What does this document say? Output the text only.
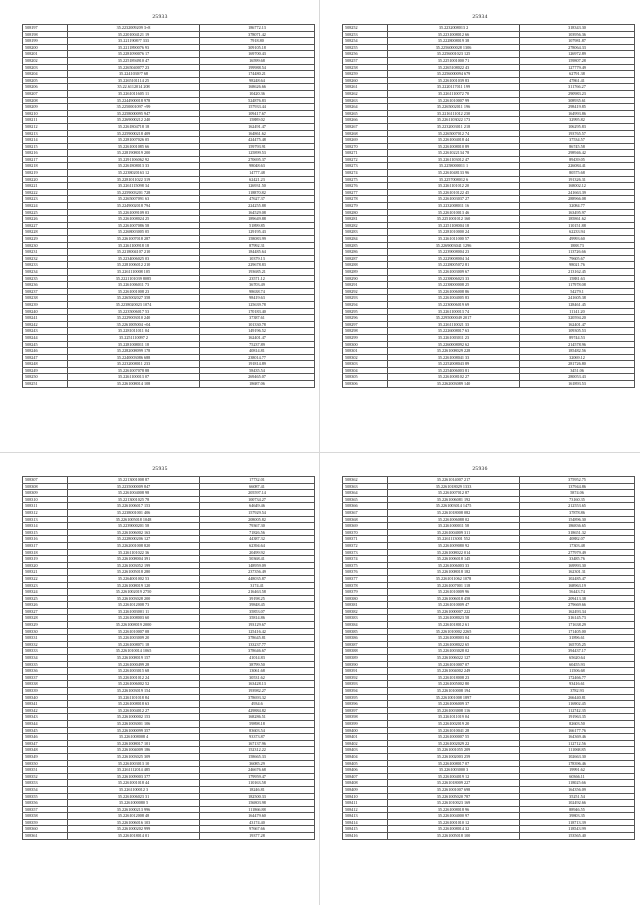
25933
508197	35.2232009209 3+8	186772.13
508198	35.2201004121 19	378071.42
508199	35.2211908?7 333	7918.80
508200	35.2211890076 93	309105.18
508201	35.2281090076 17	169700.43
508202	35.2251894910 47	16599.68
508203	35.2265040077 23	199988.54
508204	35.2241030?7 68	174480.21
508205	35.2265101114 25	98248.64
508206	35.22.6112014 208	168626.66
508207	35.2261011605 11	10420.36
508208	35.2244900018 978	524876.83
508209	35.2250001097 +99	157933.44
508210	35.2258000095 947	109417.67
508211	35.2269000212 240	15889.02
508212	35.2261804718 18	162491.47
508213	35.2259000218 409	164861.62
508214	35.2281007026 05	424475.48
508215	35.2261001085 66	159793.91
508216	35.2281908019 200	125899.53
508217	35.2291106062 92	270695.37
508218	35.2261808013 33	98048.63
508219	35.2238020163 12	14777.48
508220	35.2281011022 319	62421.23
508221	35.2261115098 34	126931.50
508222	35.2259003201 728	118870.82
508223	35.2265007091 63	47627.37
508224	35.2249002018 794	224255.88
508225	35.2261009109 03	164529.08
508226	35.2261008024 25	189649.88
508227	35.2261007086 58	51899.85
508228	35.2268003005 05	129195.43
508229	35.2261007018 287	158083.99
508230	35.2261100918 18	87992.31
508231	35.2218004107 210	184485.64
508232	35.2234006025 03	10379.13
508233	35.2281006012 210	229678.83
508234	35.2261110008 105	193685.21
508235	35.2221101039 8085	23571.12
508236	35.2261006011 73	36703.49
508237	35.2261001008 23	98638.74
508238	35.2265002027 358	98419.63
508239	35.2238020023 1074	125639.78
508240	35.2235006017 53	170183.40
508241	35.2229003010 240	37387.61
508242	35.2261005004 +04	101330.78
508243	35.2281011011 04	149196.52
508244	35.2251110097 2	162401.47
508245	35.2281008011 18	75237.89
508246	35.2282008099 178	40814.81
508247	35.2240003086 688	238014.77
508248	35.2232008011 233	191814.89
508249	35.2261007078 88	58435.54
508250	35.2261100013 07	269465.07
508251	35.2261008014 108	18687.06
25934
508252	35.2232008013 2	318343.30
508253	35.2231008012 66	103956.36
508254	35.2228008019 38	107981.87
508255	35.2256000028 1306	278064.33
508256	35.2256001023 125	126972.89
508257	35.2251001000 71	159807.28
508258	35.2265108022 43	127779.49
508259	35.2256000094 679	62791.38
508260	35.2261001039 83	47861.41
508261	35.2220117011 199	311766.27
508262	35.2261110072 70	290983.23
508263	35.2261010007 99	308935.61
508264	35.2265002011 196	298419.85
508265	35.2216111012 230	164993.86
508266	35.2261103022 173	32995.82
508267	35.2232003011 218	106295.83
508268	35.2265007012 74	193765.57
508269	35.2261004018 44	37534.57
508270	35.2261008010 89	86745.58
508271	35.2261022134 78	298946.42
508272	35.2261103012 47	89439.05
508273	35.2258000011 1	226084.41
508274	35.2261048133 96	80575.68
508275	35.2257008012 6	191326.31
508276	35.2261101012 20	168002.12
508277	35.2261010122 45	241663.39
508278	35.2261003037 27	288966.08
508279	35.2232008011 16	32084.77
508280	35.2261010013 46	163495.97
508281	35.2251001012 160	185861.62
508282	35.2251108004 18	110151.88
508283	35.2281010000 24	62233.94
508284	35.2261011000 57	49993.60
508285	35.2269003041 1296	1888.73
508286	35.2239008004 23	113726.66
508287	35.2229008004 34	79605.67
508288	35.2228005072 81	98021.76
508289	35.2261003009 67	213162.45
508290	35.2238006023 33	15881.63
508291	35.2238000008 25	117978.08
508292	35.2261006008 86	54279.1
508293	35.2261004005 83	241605.38
508294	35.2230006019 69	128461.45
508295	35.2261100013 74	11141.20
508296	35.2295000049 2017	320594.20
508297	35.2261110021 33	162401.47
508298	35.2226008017 63	109305.53
508299	35.2261003011 23	89744.53
508300	35.2260008092 62	214578.96
508301	35.2261008029 228	185482.56
508302	35.2261008041 33	32069.12
508303	35.2252008043 89	281726.80
508304	35.2254006003 81	3451.06
508305	35.2261008102 27	280053.43
508306	35.2262003089 140	161893.53
25935
508307	35.2213001008 87	17732.01
508308	35.2235000009 847	66087.41
508309	35.2261004008 98	205597.14
508310	35.2213001025 78	100734.27
508311	35.2261006017 153	64649.46
508312	35.2238001001 406	157929.54
508313	35.2261005018 1048	208005.82
508314	35.2239000201 58	79367.30
508315	35.2261006002 163	71826.56
508316	35.2228000206 127	44387.32
508317	35.2262001008 820	62394.64
508318	35.2261101022 36	20499.92
508319	35.2261008004 391	50368.41
508320	35.2261003052 199	148959.09
508321	35.2261005018 280	237356.49
508322	35.2264001002 53	448035.87
508323	35.2261008019 120	3174.41
508324	35.2261002019 2750	216463.58
508325	35.2261003028 200	39198.25
508326	35.2261012008 73	39848.45
508327	35.2261003001 11	35853.07
508328	35.2261008003 60	35814.86
508329	35.2261008019 2000	193129.67
508330	35.2261010007 08	125416.42
508331	35.2261003009 20	378645.81
508332	35.2261008071 18	133237.77
508333	35.2261010014 1065	378646.67
508334	35.2261008019 157	41014.83
508335	35.2261000499 28	38799.50
508336	35.2261003015 68	13061.68
508337	35.2261001012 24	30531.62
508338	35.2261006002 52	163428.13
508339	35.2261003019 154	193982.27
508340	35.2261101018 84	378693.32
508341	35.2261008018 63	4934.6
508342	35.2261004012 27	429884.82
508343	35.2261000002 153	168286.51
508344	35.2261003001 106	59898.18
508345	35.2261000099 357	83603.54
508346	35.2261008008 4	93373.87
508347	35.2261008017 101	167137.96
508348	35.2261004009 186	152312.22
508349	35.2261003025 309	158665.33
508350	35.2261003013 10	36085.29
508351	35.2261112014 485	246676.68
508352	35.2261009003 377	179959.47
508353	35.2261001018 44	110163.58
508354	35.2261100012 3	18246.81
508355	35.2261006023 31	182500.33
508356	35.2261000080 5	156803.98
508357	35.2261000213 996	111866.88
508358	35.2261012008 48	164479.60
508359	35.2261006016 103	43174.40
508360	35.2261000202 999	97667.66
508361	35.2261018014 01	19377.28
25936
508362	35.2261014007 217	375952.75
508363	35.2261018029 1333	137944.86
508364	35.2261007012 87	5874.06
508365	35.2261006081 192	73160.35
508366	35.2261003014 1475	212553.65
508367	35.2261018008 082	37878.86
508368	35.2261006088 02	154896.30
508369	35.2261000011 58	186836.65
508370	35.2261004009 311	318651.32
508371	35.2261113001 552	40882.07
508372	35.2261009080 92	17303.48
508373	35.2261008022 014	277979.49
508374	35.2261006018 145	33485.76
508375	35.2261006003 33	169993.30
508376	35.2261008018 182	162301.31
508377	35.2261011062 1078	102485.47
508378	35.2261007001 118	168963.19
508379	35.2261010009 96	56443.74
508380	35.2261006018 458	209413.38
508381	35.2261010009 47	279669.66
508382	35.2261000007 222	162493.34
508383	35.2261008023 58	316145.73
508384	35.2261018012 61	171638.29
508385	35.2261010002 2265	171405.00
508386	35.2261008003 04	31896.61
508387	35.2261008022 65	165705.25
508388	35.2261003028 02	394437.17
508389	35.2261006022 127	65620.64
508390	35.2261010007 07	60455.93
508391	35.2261004002 249	11506.68
508392	35.2261018008 23	172466.77
508393	35.2261005002 80	93416.61
508394	35.2261010008 194	3782.93
508395	35.2261001008 1897	266440.81
508396	35.2261006009 37	116902.45
508397	35.2261003008 116	112742.35
508398	35.2261011019 04	191963.35
508399	35.2261002019 20	82603.50
508400	35.2261010041 28	166177.76
508401	35.2261000007 55	164369.46
508402	35.2261002029 22	112712.56
508403	35.2261001055 209	111068.85
508404	35.2261002003 259	102663.30
508405	35.2261008017 07	178396.46
508406	35.2261003000 3	19991.62
508407	35.2261004019 12	60366.11
508408	35.2261018009 227	118025.66
508409	35.2261001007 698	164356.09
508410	35.2261005020 787	35251.54
508411	35.2261010023 169	102492.66
508412	35.2261008018 96	88946.55
508413	35.2261004000 97	39803.35
508414	35.2261001010 12	118713.39
508415	35.2261008014 32	118543.99
508416	35.2261005018 100	153565.40
